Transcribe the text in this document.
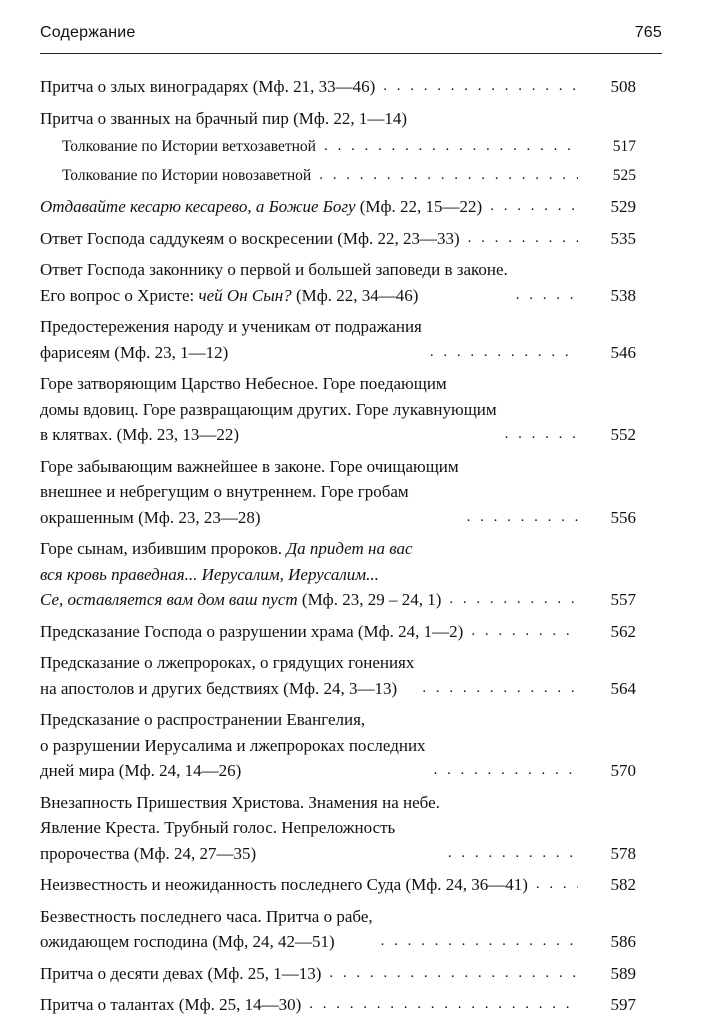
Содержание	765
Притча о злых виноградарях (Мф. 21, 33—46) . . .	508
Притча о званных на брачный пир (Мф. 22, 1—14)
Толкование по Истории ветхозаветной . . .	517
Толкование по Истории новозаветной . . .	525
Отдавайте кесарю кесарево, а Божие Богу (Мф. 22, 15—22) . . .	529
Ответ Господа саддукеям о воскресении (Мф. 22, 23—33) . . .	535
Ответ Господа законнику о первой и большей заповеди в законе.
Его вопрос о Христе: чей Он Сын? (Мф. 22, 34—46) . . .	538
Предостережения народу и ученикам от подражания
фарисеям (Мф. 23, 1—12) . . .	546
Горе затворяющим Царство Небесное. Горе поедающим
домы вдовиц. Горе развращающим других. Горе лукавнующим
в клятвах. (Мф. 23, 13—22) . . .	552
Горе забывающим важнейшее в законе. Горе очищающим
внешнее и небрегущим о внутреннем. Горе гробам
окрашенным (Мф. 23, 23—28) . . .	556
Горе сынам, избившим пророков. Да придет на вас
вся кровь праведная... Иерусалим, Иерусалим...
Се, оставляется вам дом ваш пуст (Мф. 23, 29 – 24, 1) . . .	557
Предсказание Господа о разрушении храма (Мф. 24, 1—2) . . .	562
Предсказание о лжепророках, о грядущих гонениях
на апостолов и других бедствиях (Мф. 24, 3—13) . . .	564
Предсказание о распространении Евангелия,
о разрушении Иерусалима и лжепророках последних
дней мира (Мф. 24, 14—26) . . .	570
Внезапность Пришествия Христова. Знамения на небе.
Явление Креста. Трубный голос. Непреложность
пророчества (Мф. 24, 27—35) . . .	578
Неизвестность и неожиданность последнего Суда (Мф. 24, 36—41) . . .	582
Безвестность последнего часа. Притча о рабе,
ожидающем господина (Мф, 24, 42—51) . . .	586
Притча о десяти девах (Мф. 25, 1—13) . . .	589
Притча о талантах (Мф. 25, 14—30) . . .	597
